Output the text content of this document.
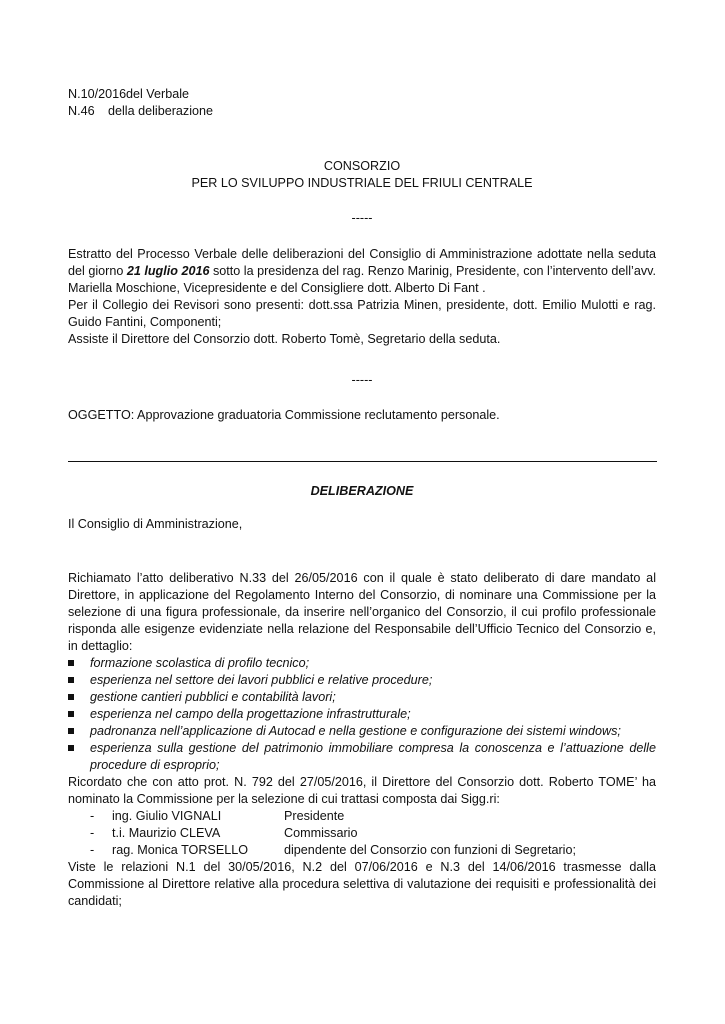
N.10/2016del Verbale
N.46 della deliberazione
CONSORZIO
PER LO SVILUPPO INDUSTRIALE DEL FRIULI CENTRALE
-----
Estratto del Processo Verbale delle deliberazioni del Consiglio di Amministrazione adottate nella seduta del giorno 21 luglio 2016 sotto la presidenza del rag. Renzo Marinig, Presidente, con l’intervento dell’avv. Mariella Moschione, Vicepresidente e del Consigliere dott. Alberto Di Fant .
Per il Collegio dei Revisori sono presenti: dott.ssa Patrizia Minen, presidente, dott. Emilio Mulotti e rag. Guido Fantini, Componenti;
Assiste il Direttore del Consorzio dott. Roberto Tomè, Segretario della seduta.
-----
OGGETTO: Approvazione graduatoria Commissione reclutamento personale.
DELIBERAZIONE
Il Consiglio di Amministrazione,
Richiamato l’atto deliberativo N.33 del 26/05/2016 con il quale è stato deliberato di dare mandato al Direttore, in applicazione del Regolamento Interno del Consorzio, di nominare una Commissione per la selezione di una figura professionale, da inserire nell’organico del Consorzio, il cui profilo professionale risponda alle esigenze evidenziate nella relazione del Responsabile dell’Ufficio Tecnico del Consorzio e, in dettaglio:
formazione scolastica di profilo tecnico;
esperienza nel settore dei lavori pubblici e relative procedure;
gestione cantieri pubblici e contabilità lavori;
esperienza nel campo della progettazione infrastrutturale;
padronanza nell’applicazione di Autocad e nella gestione e configurazione dei sistemi windows;
esperienza sulla gestione del patrimonio immobiliare compresa la conoscenza e l’attuazione delle procedure di esproprio;
Ricordato che con atto prot. N. 792 del 27/05/2016, il Direttore del Consorzio dott. Roberto TOME’ ha nominato la Commissione per la selezione di cui trattasi composta dai Sigg.ri:
- ing. Giulio VIGNALI	Presidente
- t.i. Maurizio CLEVA	Commissario
- rag. Monica TORSELLO	dipendente del Consorzio con funzioni di Segretario;
Viste le relazioni N.1 del 30/05/2016, N.2 del 07/06/2016 e N.3 del 14/06/2016 trasmesse dalla Commissione al Direttore relative alla procedura selettiva di valutazione dei requisiti e professionalità dei candidati;
